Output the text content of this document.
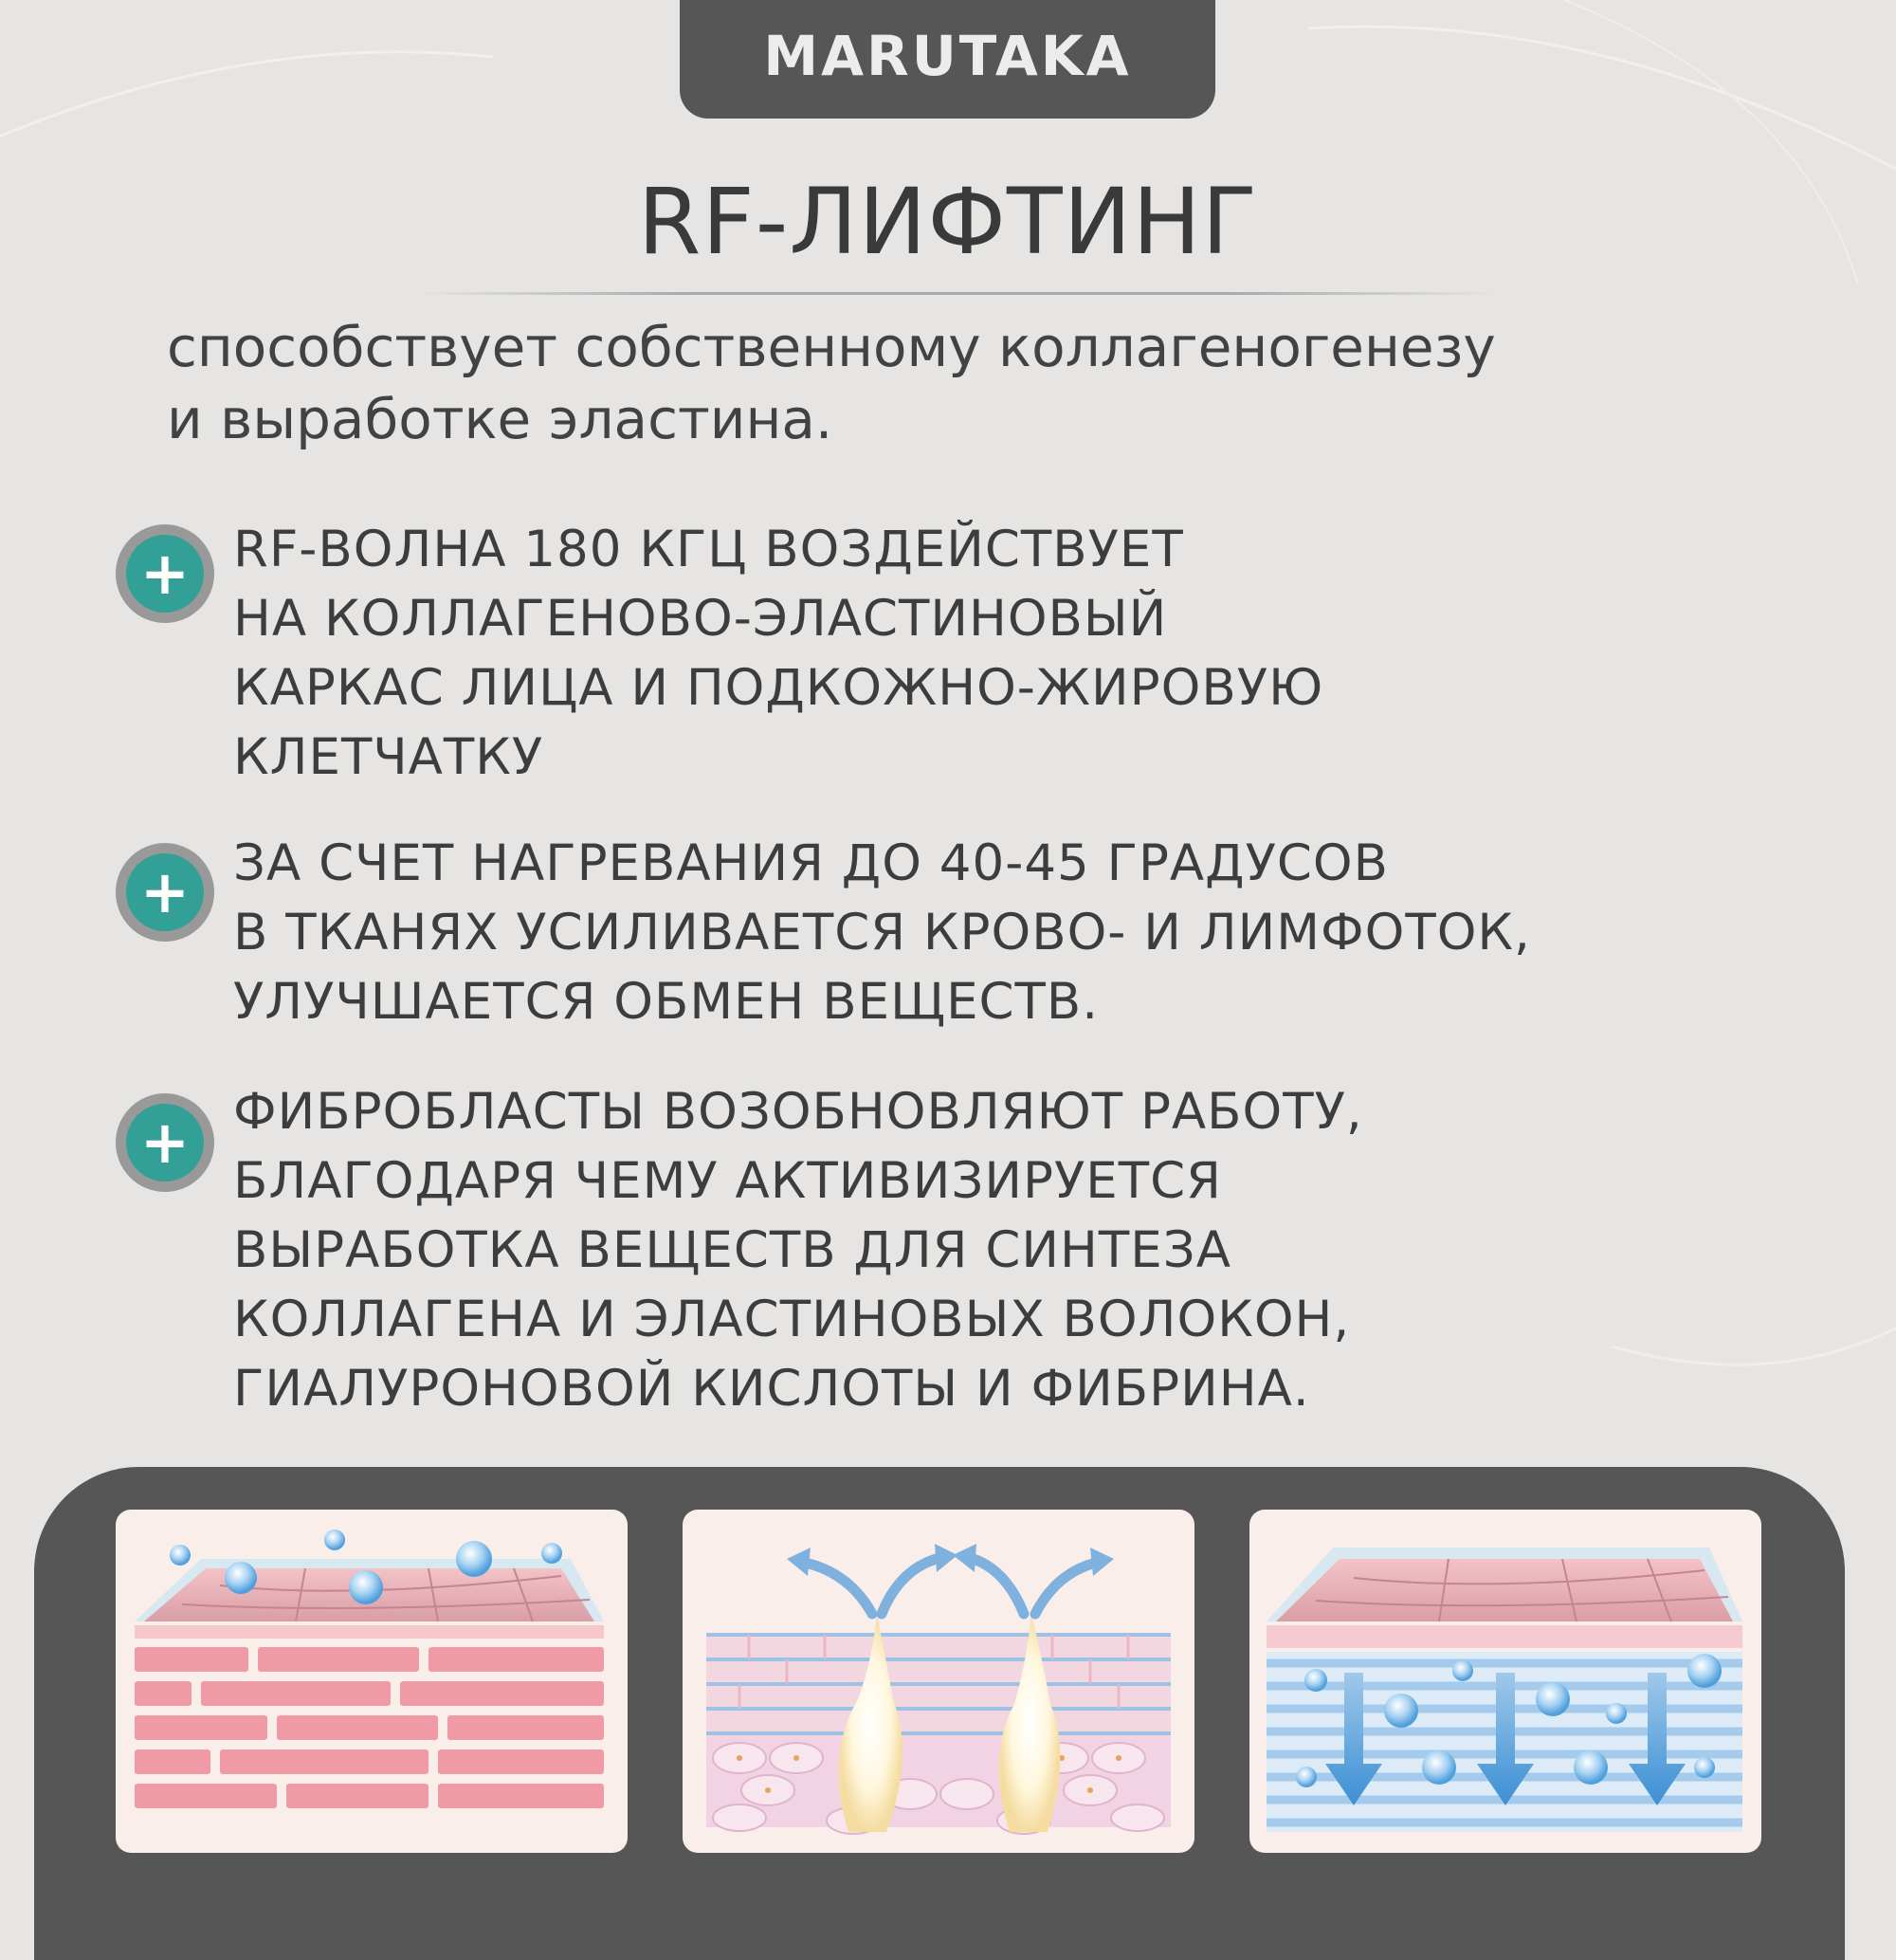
MARUTAKA
RF-ЛИФТИНГ
способствует собственному коллагеногенезу
и выработке эластина.
+ RF-ВОЛНА 180 КГЦ ВОЗДЕЙСТВУЕТ
НА КОЛЛАГЕНОВО-ЭЛАСТИНОВЫЙ
КАРКАС ЛИЦА И ПОДКОЖНО-ЖИРОВУЮ
КЛЕТЧАТКУ
+ ЗА СЧЕТ НАГРЕВАНИЯ ДО 40-45 ГРАДУСОВ
В ТКАНЯХ УСИЛИВАЕТСЯ КРОВО- И ЛИМФОТОК,
УЛУЧШАЕТСЯ ОБМЕН ВЕЩЕСТВ.
+ ФИБРОБЛАСТЫ ВОЗОБНОВЛЯЮТ РАБОТУ,
БЛАГОДАРЯ ЧЕМУ АКТИВИЗИРУЕТСЯ
ВЫРАБОТКА ВЕЩЕСТВ ДЛЯ СИНТЕЗА
КОЛЛАГЕНА И ЭЛАСТИНОВЫХ ВОЛОКОН,
ГИАЛУРОНОВОЙ КИСЛОТЫ И ФИБРИНА.
